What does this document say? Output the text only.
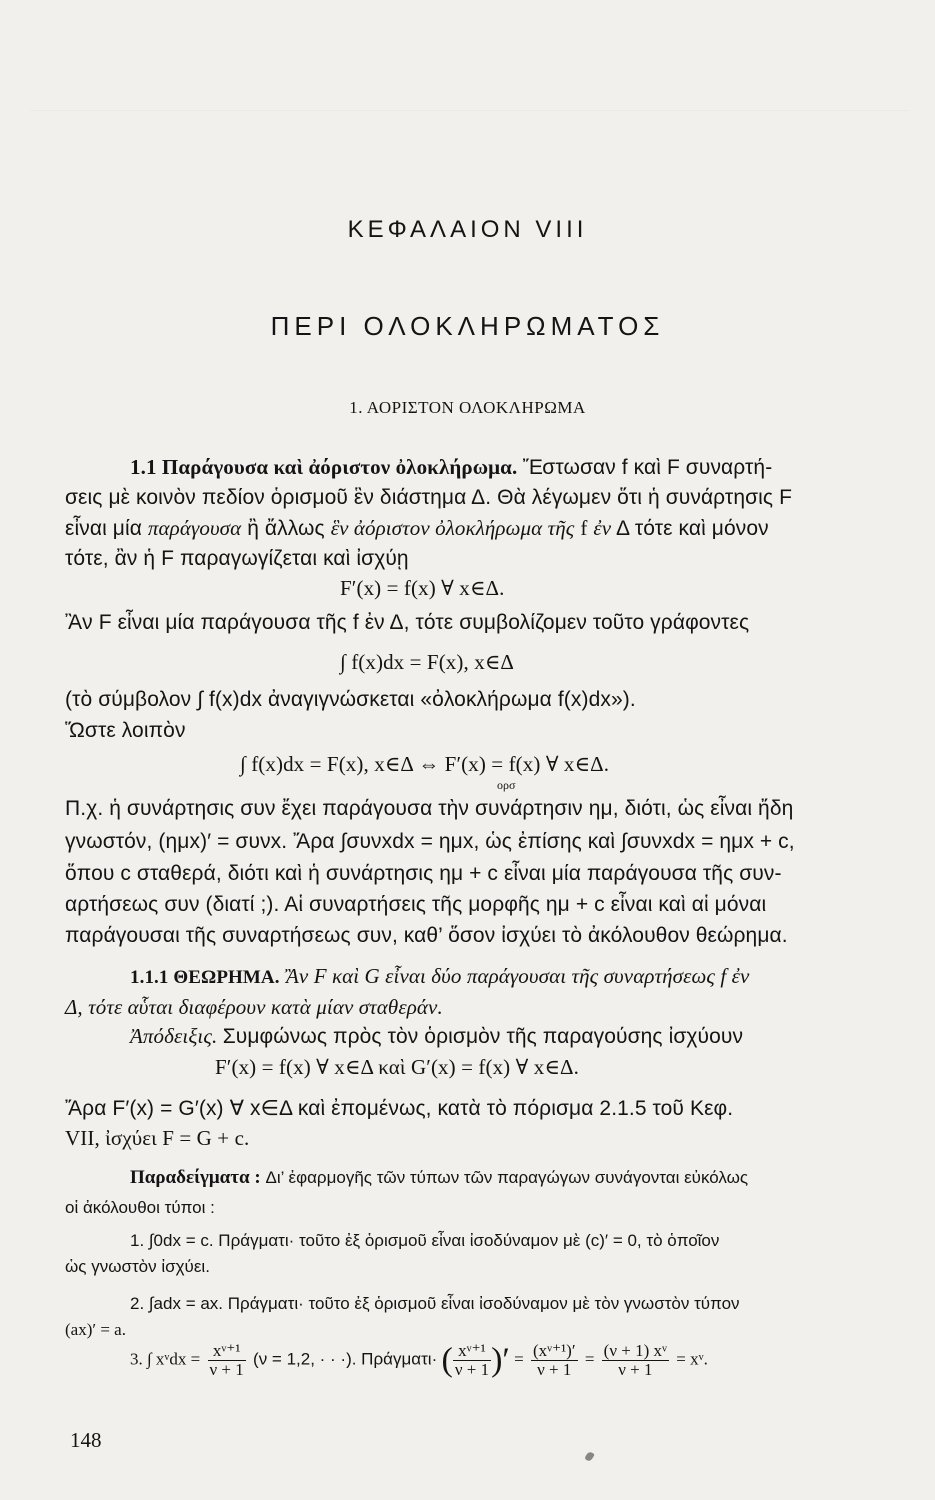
ΚΕΦΑΛΑΙΟΝ VIII
ΠΕΡΙ ΟΛΟΚΛΗΡΩΜΑΤΟΣ
1. ΑΟΡΙΣΤΟΝ ΟΛΟΚΛΗΡΩΜΑ
1.1 Παράγουσα καὶ ἀόριστον ὀλοκλήρωμα. Ἔστωσαν f καὶ F συναρτή-
σεις μὲ κοινὸν πεδίον ὁρισμοῦ ἓν διάστημα Δ. Θὰ λέγωμεν ὅτι ἡ συνάρτησις F
εἶναι μία παράγουσα ἢ ἄλλως ἓν ἀόριστον ὀλοκλήρωμα τῆς f ἐν Δ τότε καὶ μόνον
τότε, ἂν ἡ F παραγωγίζεται καὶ ἰσχύῃ
F′(x) = f(x) ∀ x∈Δ.
Ἂν F εἶναι μία παράγουσα τῆς f ἐν Δ, τότε συμβολίζομεν τοῦτο γράφοντες
∫ f(x)dx = F(x), x∈Δ
(τὸ σύμβολον ∫ f(x)dx ἀναγιγνώσκεται «ὀλοκλήρωμα f(x)dx»).
Ὥστε λοιπὸν
∫ f(x)dx = F(x), x∈Δ ⇔ F′(x) = f(x) ∀ x∈Δ.
ορσ
Π.χ. ἡ συνάρτησις συν ἔχει παράγουσα τὴν συνάρτησιν ημ, διότι, ὡς εἶναι ἤδη
γνωστόν, (ημx)′ = συνx. Ἄρα ∫συνxdx = ημx, ὡς ἐπίσης καὶ ∫συνxdx = ημx + c,
ὅπου c σταθερά, διότι καὶ ἡ συνάρτησις ημ + c εἶναι μία παράγουσα τῆς συν-
αρτήσεως συν (διατί ;). Αἱ συναρτήσεις τῆς μορφῆς ημ + c εἶναι καὶ αἱ μόναι
παράγουσαι τῆς συναρτήσεως συν, καθ’ ὅσον ἰσχύει τὸ ἀκόλουθον θεώρημα.
1.1.1 ΘΕΩΡΗΜΑ. Ἂν F καὶ G εἶναι δύο παράγουσαι τῆς συναρτήσεως f ἐν
Δ, τότε αὗται διαφέρουν κατὰ μίαν σταθεράν.
Ἀπόδειξις. Συμφώνως πρὸς τὸν ὁρισμὸν τῆς παραγούσης ἰσχύουν
F′(x) = f(x) ∀ x∈Δ καὶ G′(x) = f(x) ∀ x∈Δ.
Ἄρα F′(x) = G′(x) ∀ x∈Δ καὶ ἐπομένως, κατὰ τὸ πόρισμα 2.1.5 τοῦ Κεφ.
VII, ἰσχύει F = G + c.
Παραδείγματα : Δι’ ἐφαρμογῆς τῶν τύπων τῶν παραγώγων συνάγονται εὐκόλως
οἱ ἀκόλουθοι τύποι :
1. ∫0dx = c. Πράγματι· τοῦτο ἐξ ὁρισμοῦ εἶναι ἰσοδύναμον μὲ (c)′ = 0, τὸ ὁποῖον
ὡς γνωστὸν ἰσχύει.
2. ∫adx = ax. Πράγματι· τοῦτο ἐξ ὁρισμοῦ εἶναι ἰσοδύναμον μὲ τὸν γνωστὸν τύπον
(ax)′ = a.
3. ∫ xᵛdx = $\frac{\text{xᵛ⁺¹}}{\nu + 1} (\nu = 1,2$, · · ·). Πράγματι· ( $\frac{\text{xᵛ⁺¹}}{\nu + 1}$ )′ = $\frac{\text{(xᵛ⁺¹)′}}{\nu + 1} = \frac{\text{(ν + 1) xᵛ}}{\nu + 1}$ = xᵛ.
148
